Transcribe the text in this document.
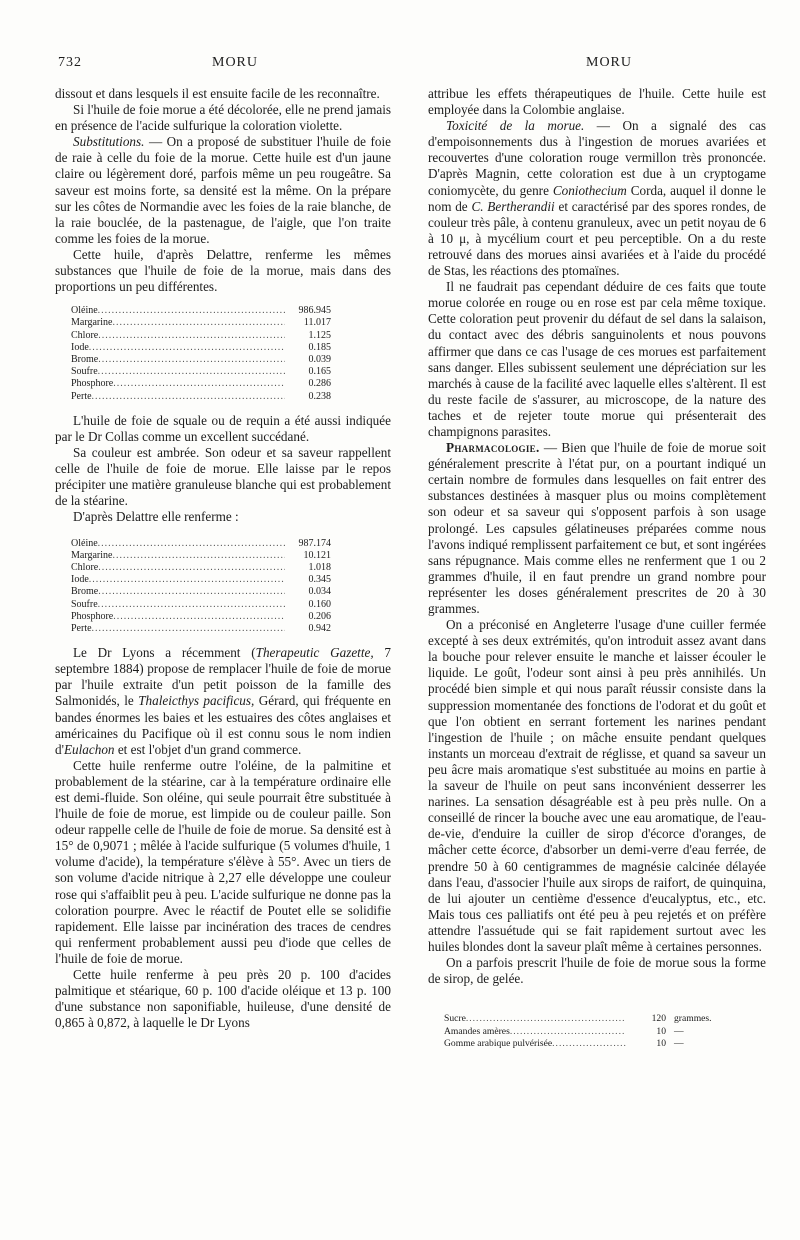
732	MORU	MORU

dissout et dans lesquels il est ensuite facile de les reconnaître.

Si l'huile de foie morue a été décolorée, elle ne prend jamais en présence de l'acide sulfurique la coloration violette.

Substitutions. — On a proposé de substituer l'huile de foie de raie à celle du foie de la morue. Cette huile est d'un jaune claire ou légèrement doré, parfois même un peu rougeâtre. Sa saveur est moins forte, sa densité est la même. On la prépare sur les côtes de Normandie avec les foies de la raie blanche, de la raie bouclée, de la pastenague, de l'aigle, que l'on traite comme les foies de la morue.

Cette huile, d'après Delattre, renferme les mêmes substances que l'huile de foie de la morue, mais dans des proportions un peu différentes.

Oléine .....	986.945
Margarine .....	11.017
Chlore .....	1.125
Iode .....	0.185
Brome .....	0.039
Soufre .....	0.165
Phosphore .....	0.286
Perte .....	0.238

L'huile de foie de squale ou de requin a été aussi indiquée par le Dr Collas comme un excellent succédané.

Sa couleur est ambrée. Son odeur et sa saveur rappellent celle de l'huile de foie de morue. Elle laisse par le repos précipiter une matière granuleuse blanche qui est probablement de la stéarine.

D'après Delattre elle renferme :

Oléine .....	987.174
Margarine .....	10.121
Chlore .....	1.018
Iode .....	0.345
Brome .....	0.034
Soufre .....	0.160
Phosphore .....	0.206
Perte .....	0.942

Le Dr Lyons a récemment (Therapeutic Gazette, 7 septembre 1884) propose de remplacer l'huile de foie de morue par l'huile extraite d'un petit poisson de la famille des Salmonidés, le Thaleicthys pacificus, Gérard, qui fréquente en bandes énormes les baies et les estuaires des côtes anglaises et américaines du Pacifique où il est connu sous le nom indien d'Eulachon et est l'objet d'un grand commerce.

Cette huile renferme outre l'oléine, de la palmitine et probablement de la stéarine, car à la température ordinaire elle est demi-fluide. Son oléine, qui seule pourrait être substituée à l'huile de foie de morue, est limpide ou de couleur paille. Son odeur rappelle celle de l'huile de foie de morue. Sa densité est à 15° de 0,9071 ; mêlée à l'acide sulfurique (5 volumes d'huile, 1 volume d'acide), la température s'élève à 55°. Avec un tiers de son volume d'acide nitrique à 2,27 elle développe une couleur rose qui s'affaiblit peu à peu. L'acide sulfurique ne donne pas la coloration pourpre. Avec le réactif de Poutet elle se solidifie rapidement. Elle laisse par incinération des traces de cendres qui renferment probablement aussi peu d'iode que celles de l'huile de foie de morue.

Cette huile renferme à peu près 20 p. 100 d'acides palmitique et stéarique, 60 p. 100 d'acide oléique et 13 p. 100 d'une substance non saponifiable, huileuse, d'une densité de 0,865 à 0,872, à laquelle le Dr Lyons

attribue les effets thérapeutiques de l'huile. Cette huile est employée dans la Colombie anglaise.

Toxicité de la morue. — On a signalé des cas d'empoisonnements dus à l'ingestion de morues avariées et recouvertes d'une coloration rouge vermillon très prononcée. D'après Magnin, cette coloration est due à un cryptogame coniomycète, du genre Coniothecium Corda, auquel il donne le nom de C. Bertherandii et caractérisé par des spores rondes, de couleur très pâle, à contenu granuleux, avec un petit noyau de 6 à 10 μ, à mycélium court et peu perceptible. On a du reste retrouvé dans des morues ainsi avariées et à l'aide du procédé de Stas, les réactions des ptomaïnes.

Il ne faudrait pas cependant déduire de ces faits que toute morue colorée en rouge ou en rose est par cela même toxique. Cette coloration peut provenir du défaut de sel dans la salaison, du contact avec des débris sanguinolents et nous pouvons affirmer que dans ce cas l'usage de ces morues est parfaitement sans danger. Elles subissent seulement une dépréciation sur les marchés à cause de la facilité avec laquelle elles s'altèrent. Il est du reste facile de s'assurer, au microscope, de la nature des taches et de rejeter toute morue qui présenterait des champignons parasites.

Pharmacologie. — Bien que l'huile de foie de morue soit généralement prescrite à l'état pur, on a pourtant indiqué un certain nombre de formules dans lesquelles on fait entrer des substances destinées à masquer plus ou moins complètement son odeur et sa saveur qui s'opposent parfois à son usage prolongé. Les capsules gélatineuses préparées comme nous l'avons indiqué remplissent parfaitement ce but, et sont ingérées sans répugnance. Mais comme elles ne renferment que 1 ou 2 grammes d'huile, il en faut prendre un grand nombre pour représenter les doses généralement prescrites de 20 à 30 grammes.

On a préconisé en Angleterre l'usage d'une cuiller fermée excepté à ses deux extrémités, qu'on introduit assez avant dans la bouche pour relever ensuite le manche et laisser écouler le liquide. Le goût, l'odeur sont ainsi à peu près annihilés. Un procédé bien simple et qui nous paraît réussir consiste dans la suppression momentanée des fonctions de l'odorat et du goût et que l'on obtient en serrant fortement les narines pendant l'ingestion de l'huile ; on mâche ensuite pendant quelques instants un morceau d'extrait de réglisse, et quand sa saveur un peu âcre mais aromatique s'est substituée au moins en partie à la saveur de l'huile on peut sans inconvénient desserrer les narines. La sensation désagréable est à peu près nulle. On a conseillé de rincer la bouche avec une eau aromatique, de l'eau-de-vie, d'enduire la cuiller de sirop d'écorce d'oranges, de mâcher cette écorce, d'absorber un demi-verre d'eau ferrée, de prendre 50 à 60 centigrammes de magnésie calcinée délayée dans l'eau, d'associer l'huile aux sirops de raifort, de quinquina, de lui ajouter un centième d'essence d'eucalyptus, etc., etc. Mais tous ces palliatifs ont été peu à peu rejetés et on préfère attendre l'assuétude qui se fait rapidement surtout avec les huiles blondes dont la saveur plaît même à certaines personnes.

On a parfois prescrit l'huile de foie de morue sous la forme de sirop, de gelée.

Sucre .....	120 grammes.
Amandes amères .....	10 —
Gomme arabique pulvérisée .....	10 —
